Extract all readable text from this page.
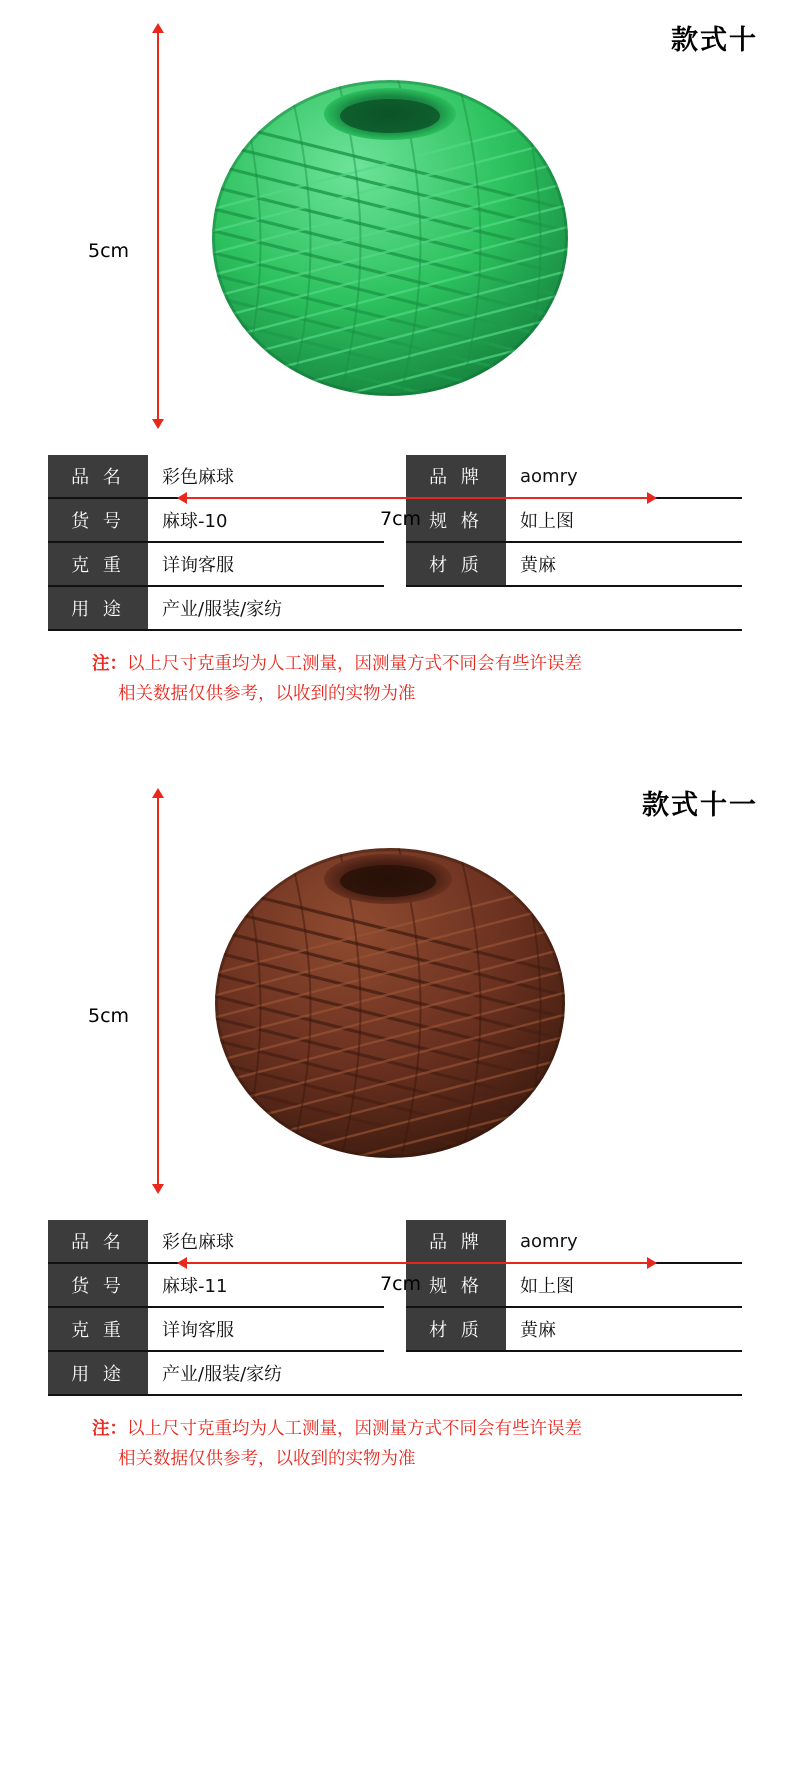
款式十
5cm
7cm
品 名	彩色麻球		品 牌	aomry
货 号	麻球-10		规 格	如上图
克 重	详询客服		材 质	黄麻
用 途	产业/服装/家纺			
注：以上尺寸克重均为人工测量，因测量方式不同会有些许误差
相关数据仅供参考，以收到的实物为准
款式十一
5cm
7cm
品 名	彩色麻球		品 牌	aomry
货 号	麻球-11		规 格	如上图
克 重	详询客服		材 质	黄麻
用 途	产业/服装/家纺			
注：以上尺寸克重均为人工测量，因测量方式不同会有些许误差
相关数据仅供参考，以收到的实物为准
